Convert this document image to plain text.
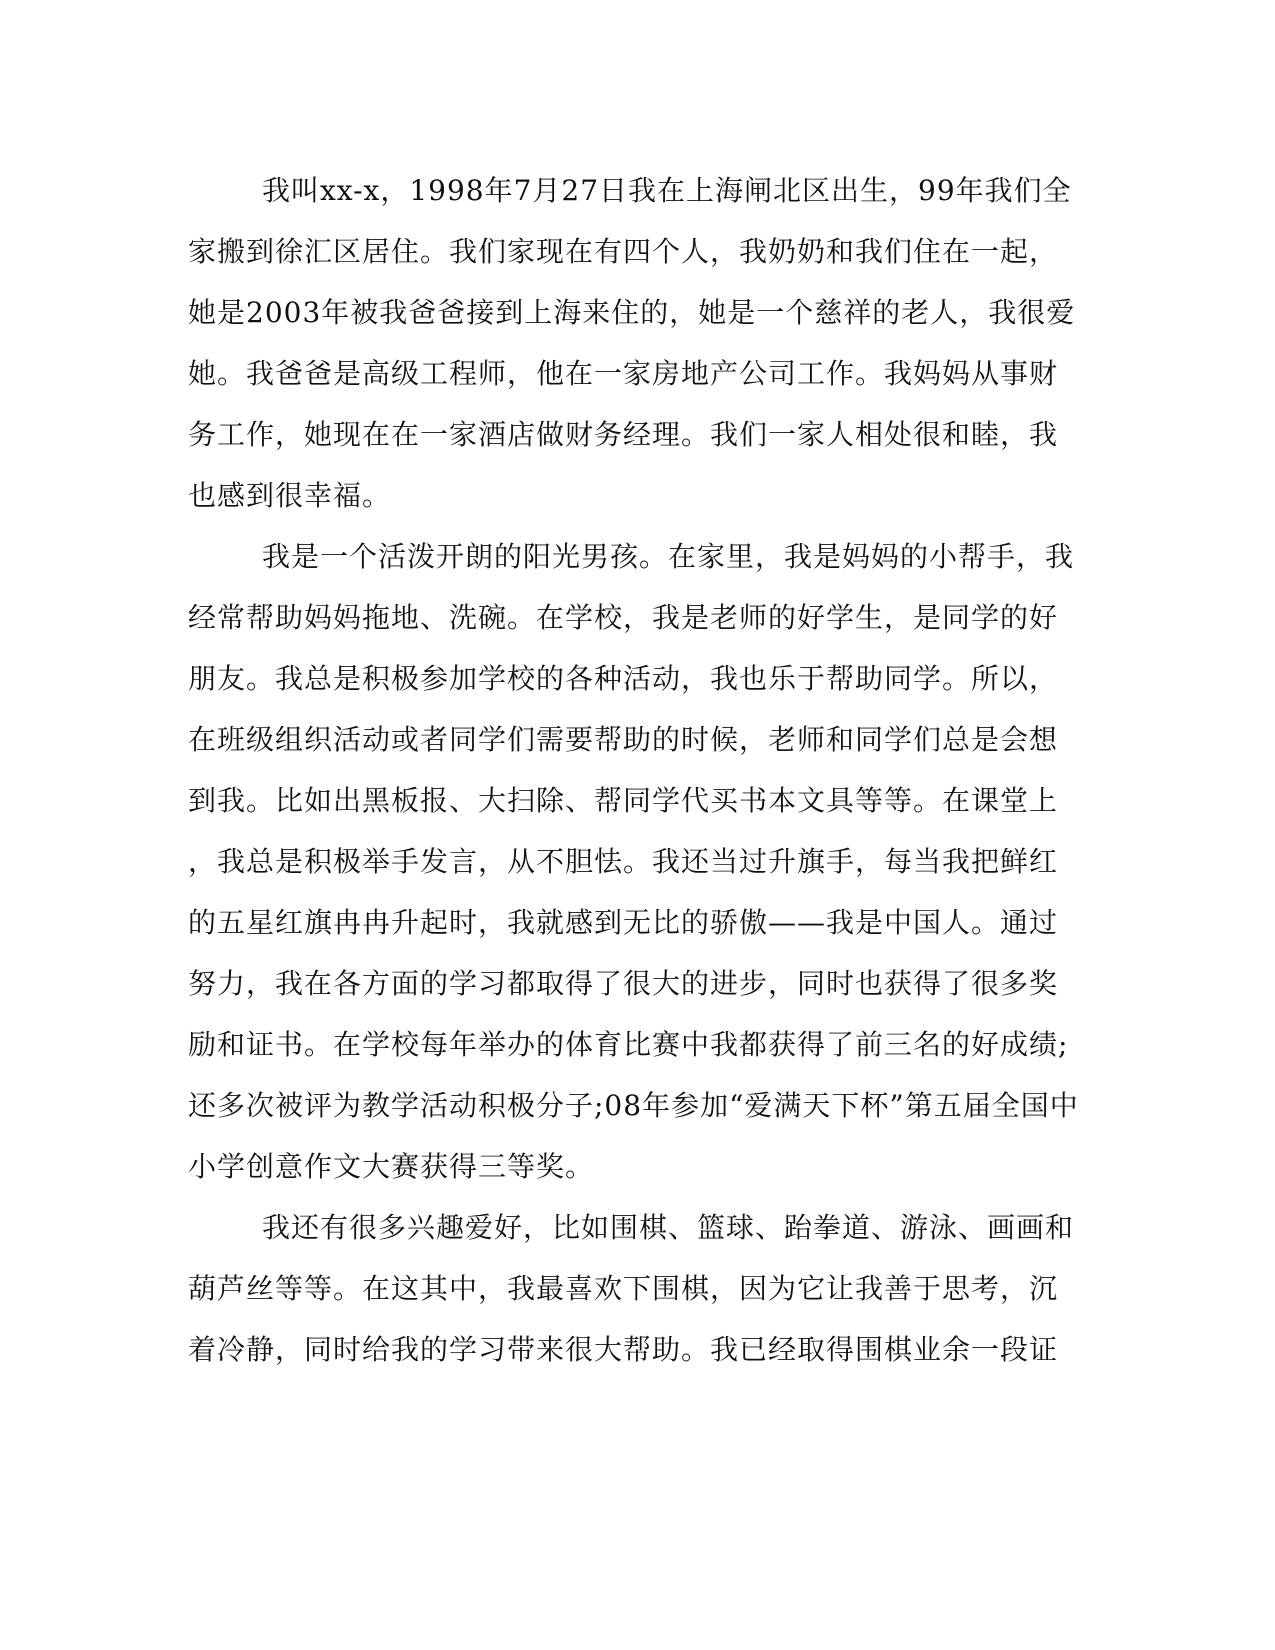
我叫xx-x，1998年7月27日我在上海闸北区出生，99年我们全
家搬到徐汇区居住。我们家现在有四个人，我奶奶和我们住在一起，
她是2003年被我爸爸接到上海来住的，她是一个慈祥的老人，我很爱
她。我爸爸是高级工程师，他在一家房地产公司工作。我妈妈从事财
务工作，她现在在一家酒店做财务经理。我们一家人相处很和睦，我
也感到很幸福。
我是一个活泼开朗的阳光男孩。在家里，我是妈妈的小帮手，我
经常帮助妈妈拖地、洗碗。在学校，我是老师的好学生，是同学的好
朋友。我总是积极参加学校的各种活动，我也乐于帮助同学。所以，
在班级组织活动或者同学们需要帮助的时候，老师和同学们总是会想
到我。比如出黑板报、大扫除、帮同学代买书本文具等等。在课堂上
，我总是积极举手发言，从不胆怯。我还当过升旗手，每当我把鲜红
的五星红旗冉冉升起时，我就感到无比的骄傲——我是中国人。通过
努力，我在各方面的学习都取得了很大的进步，同时也获得了很多奖
励和证书。在学校每年举办的体育比赛中我都获得了前三名的好成绩;
还多次被评为教学活动积极分子;08年参加“爱满天下杯”第五届全国中
小学创意作文大赛获得三等奖。
我还有很多兴趣爱好，比如围棋、篮球、跆拳道、游泳、画画和
葫芦丝等等。在这其中，我最喜欢下围棋，因为它让我善于思考，沉
着冷静，同时给我的学习带来很大帮助。我已经取得围棋业余一段证
